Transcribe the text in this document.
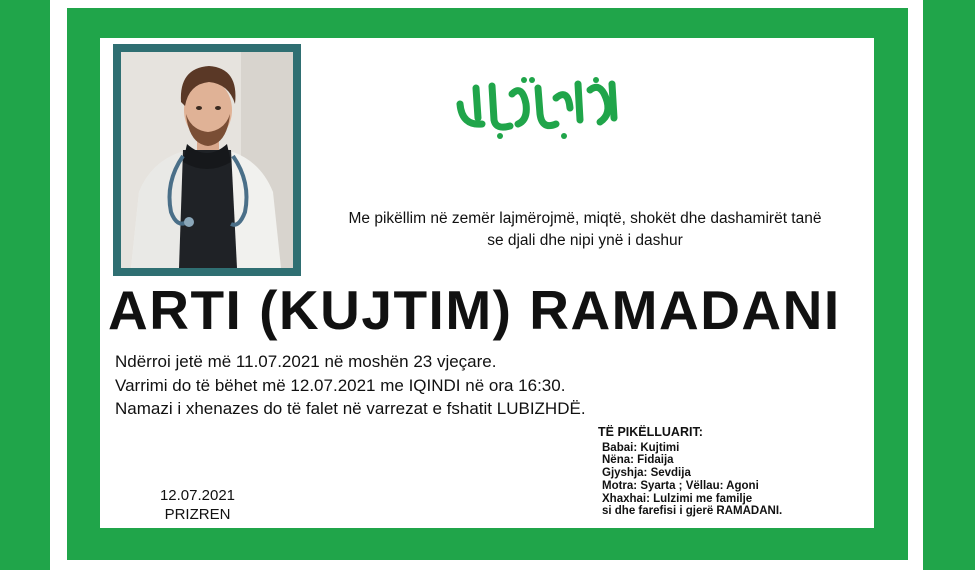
Me pikëllim në zemër lajmërojmë, miqtë, shokët dhe dashamirët tanë
se djali dhe nipi ynë i dashur
ARTI (KUJTIM) RAMADANI
Ndërroi jetë më 11.07.2021 në moshën 23 vjeçare.
Varrimi do të bëhet më 12.07.2021 me IQINDI në ora 16:30.
Namazi i xhenazes do të falet në varrezat e fshatit LUBIZHDË.
TË PIKËLLUARIT:
Babai: Kujtimi
Nëna: Fidaija
Gjyshja: Sevdija
Motra: Syarta ; Vëllau: Agoni
Xhaxhai: Lulzimi me familje
si dhe farefisi i gjerë RAMADANI.
12.07.2021
PRIZREN
